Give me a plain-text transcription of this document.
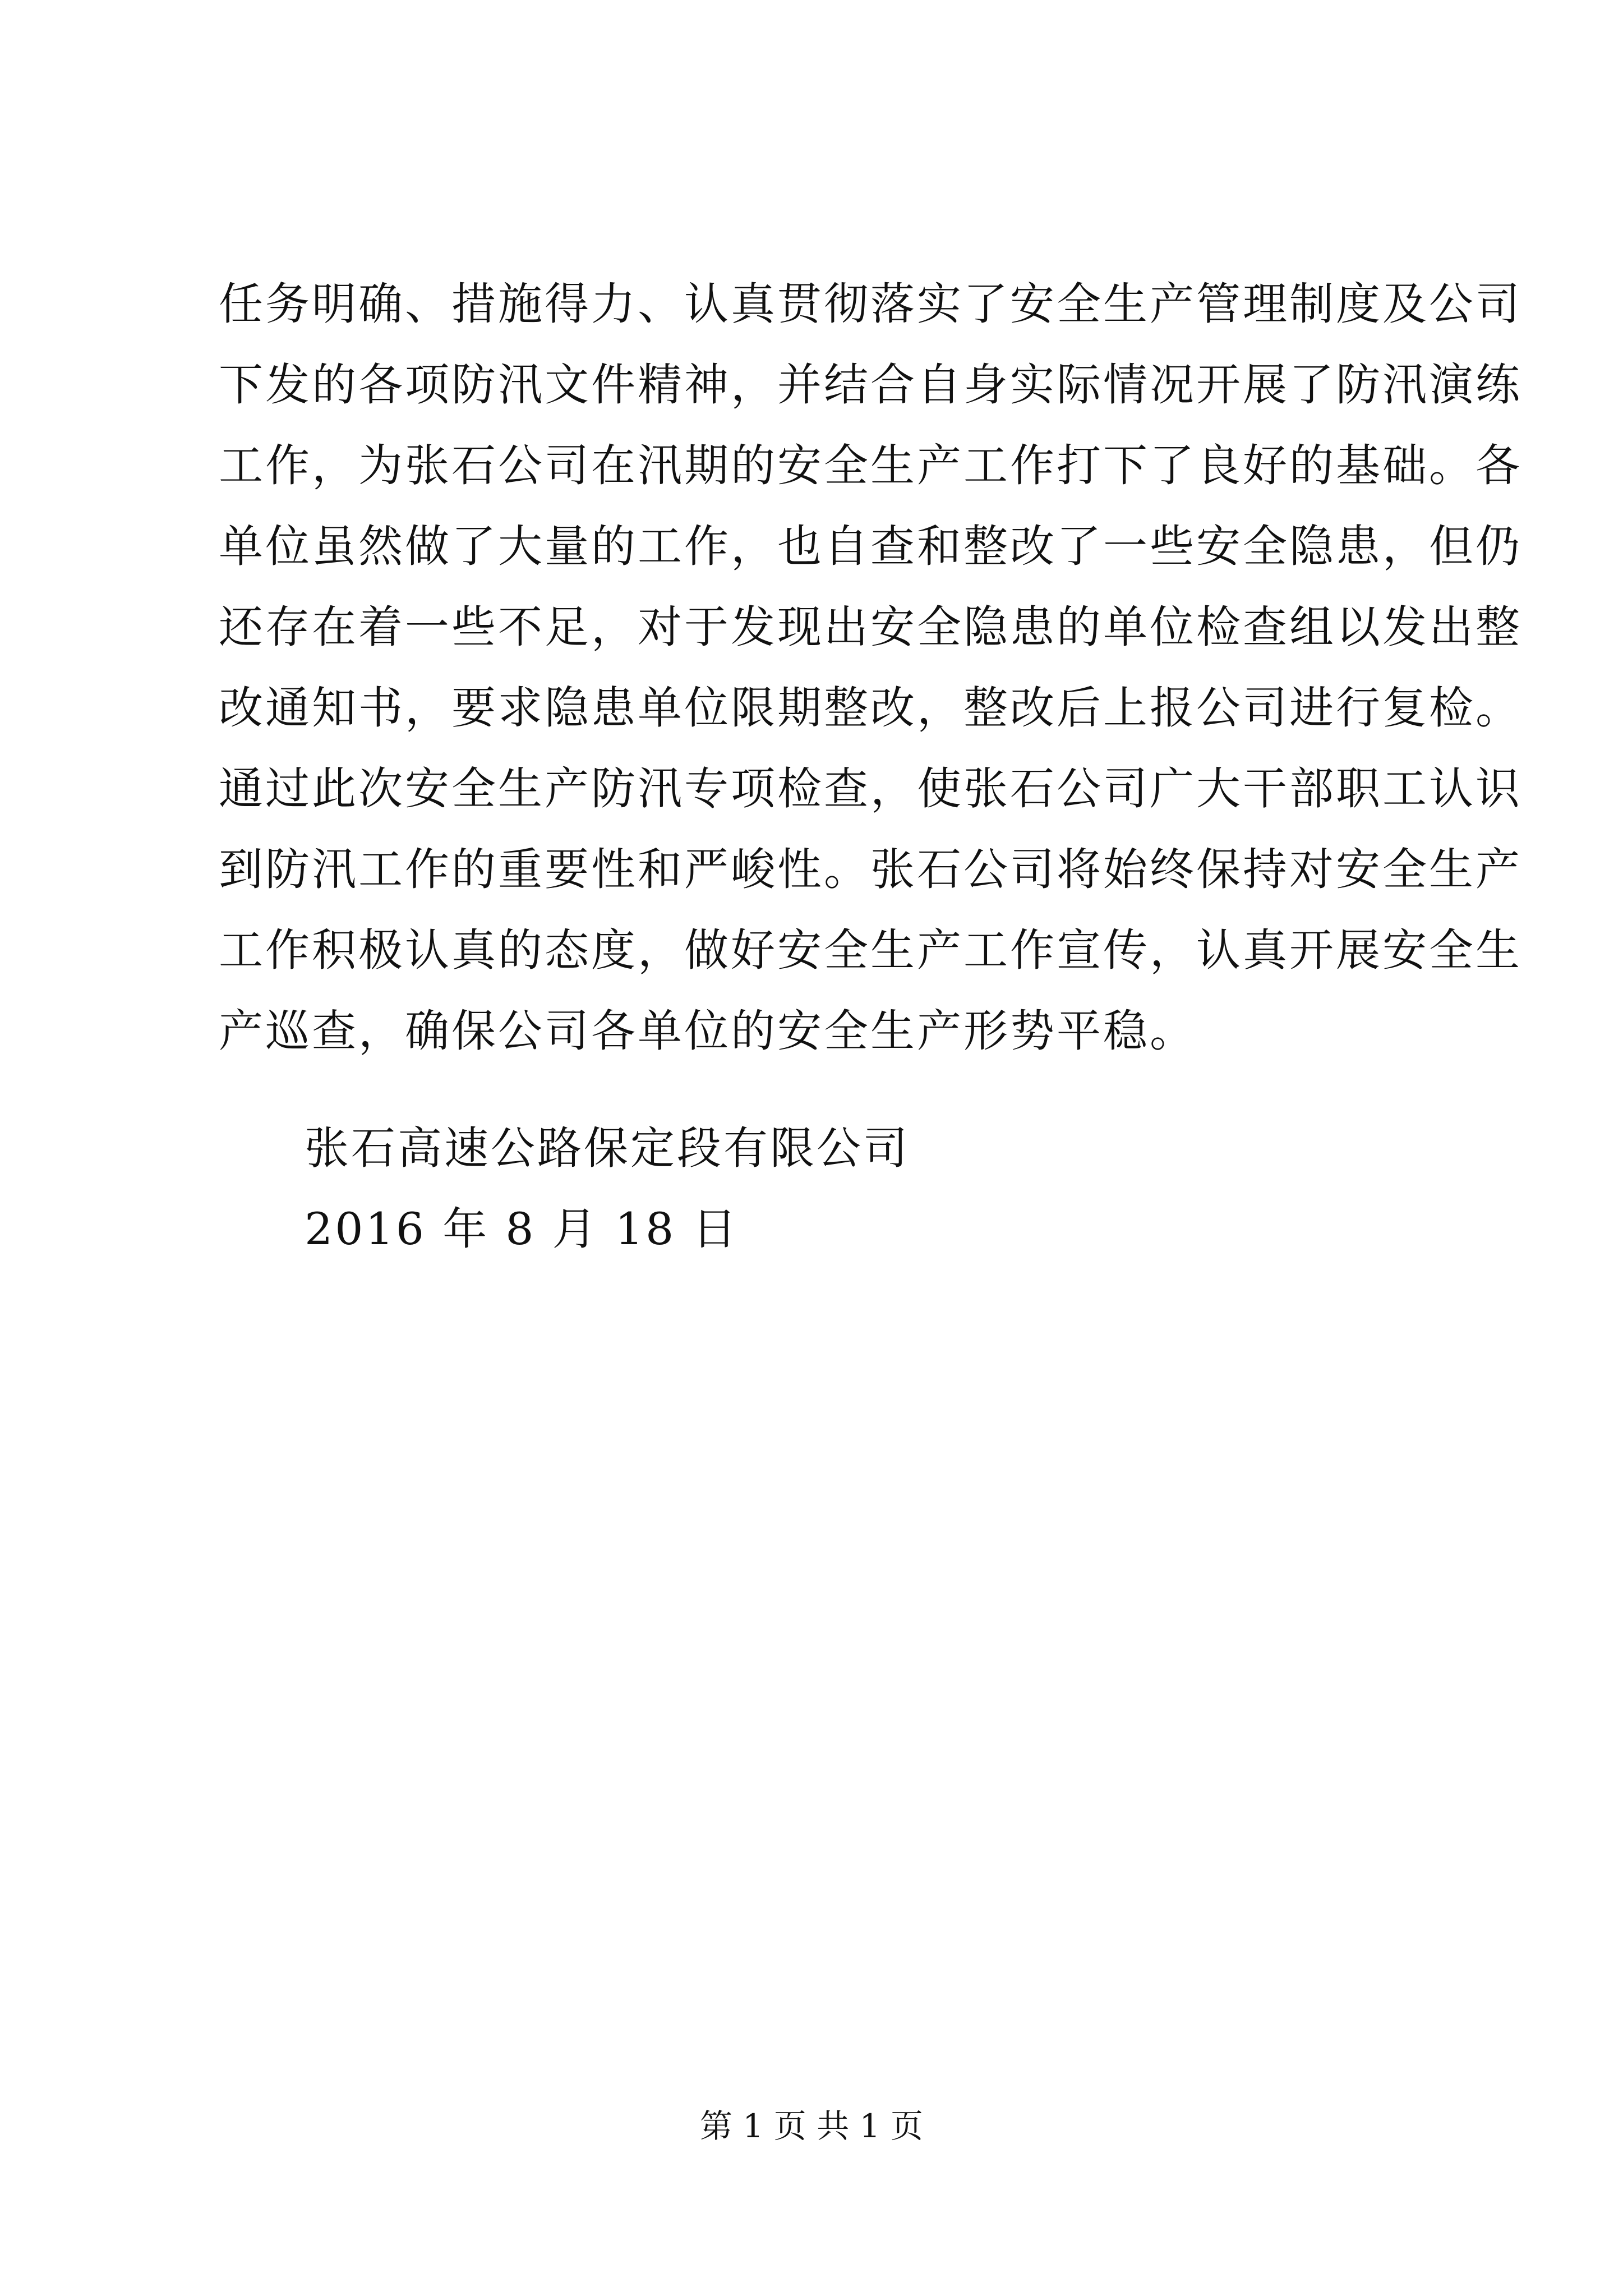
任务明确、措施得力、认真贯彻落实了安全生产管理制度及公司
下发的各项防汛文件精神，并结合自身实际情况开展了防汛演练
工作，为张石公司在汛期的安全生产工作打下了良好的基础。各
单位虽然做了大量的工作，也自查和整改了一些安全隐患，但仍
还存在着一些不足，对于发现出安全隐患的单位检查组以发出整
改通知书，要求隐患单位限期整改，整改后上报公司进行复检。
通过此次安全生产防汛专项检查，使张石公司广大干部职工认识
到防汛工作的重要性和严峻性。张石公司将始终保持对安全生产
工作积极认真的态度，做好安全生产工作宣传，认真开展安全生
产巡查，确保公司各单位的安全生产形势平稳。
张石高速公路保定段有限公司
2016 年 8 月 18 日
第 1 页 共 1 页
